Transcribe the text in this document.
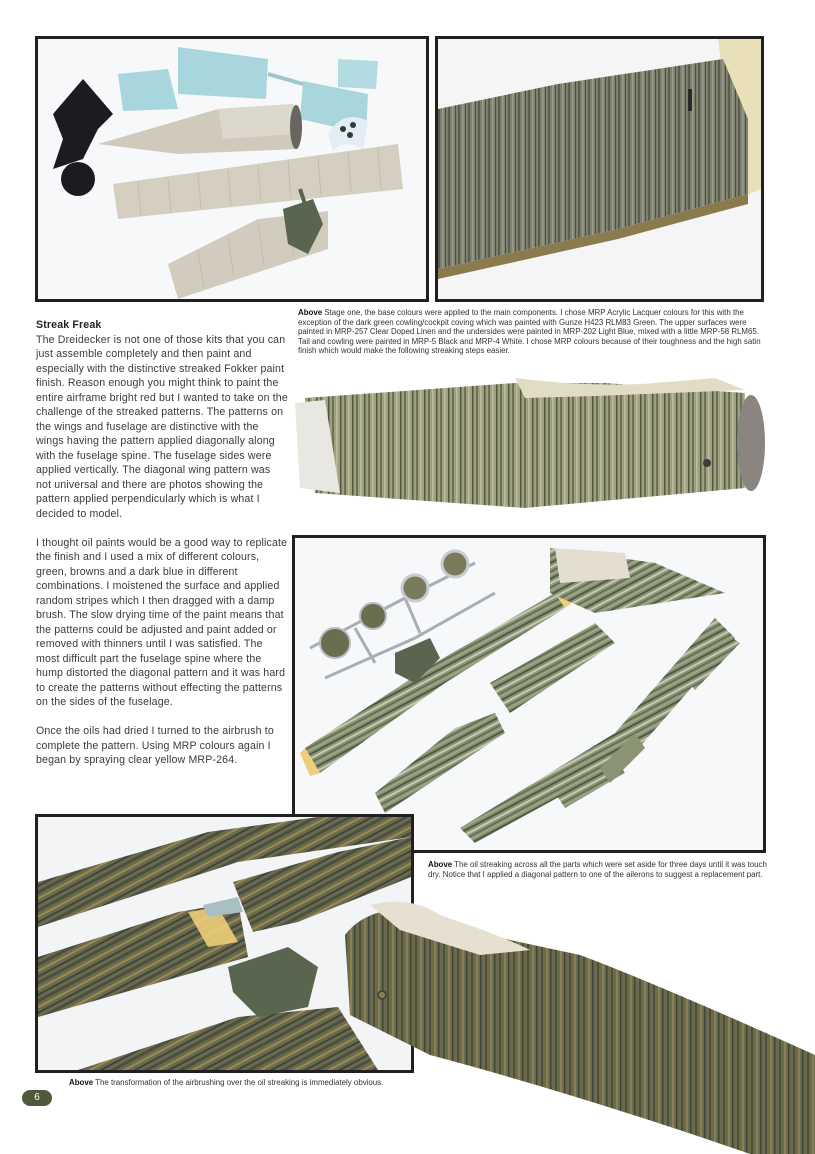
Streak Freak

The Dreidecker is not one of those kits that you can just assemble completely and then paint and especially with the distinctive streaked Fokker paint finish. Reason enough you might think to paint the entire airframe bright red but I wanted to take on the challenge of the streaked patterns. The patterns on the wings and fuselage are distinctive with the wings having the pattern applied diagonally along with the fuselage spine. The fuselage sides were applied vertically. The diagonal wing pattern was not universal and there are photos showing the pattern applied perpendicularly which is what I decided to model.

I thought oil paints would be a good way to replicate the finish and I used a mix of different colours, green, browns and a dark blue in different combinations. I moistened the surface and applied random stripes which I then dragged with a damp brush. The slow drying time of the paint means that the patterns could be adjusted and paint added or removed with thinners until I was satisfied. The most difficult part the fuselage spine where the hump distorted the diagonal pattern and it was hard to create the patterns without effecting the patterns on the sides of the fuselage.

Once the oils had dried I turned to the airbrush to complete the pattern. Using MRP colours again I began by spraying clear yellow MRP-264.

Above Stage one, the base colours were applied to the main components. I chose MRP Acrylic Lacquer colours for this with the exception of the dark green cowling/cockpit coving which was painted with Gunze H423 RLM83 Green. The upper surfaces were painted in MRP-257 Clear Doped Linen and the undersides were painted in MRP-202 Light Blue, mixed with a little MRP-58 RLM65. Tail and cowling were painted in MRP-5 Black and MRP-4 White. I chose MRP colours because of their toughness and the high satin finish which would make the following streaking steps easier.
Above The oil streaking across all the parts which were set aside for three days until it was touch dry. Notice that I applied a diagonal pattern to one of the ailerons to suggest a replacement part.
Above The transformation of the airbrushing over the oil streaking is immediately obvious.
6
